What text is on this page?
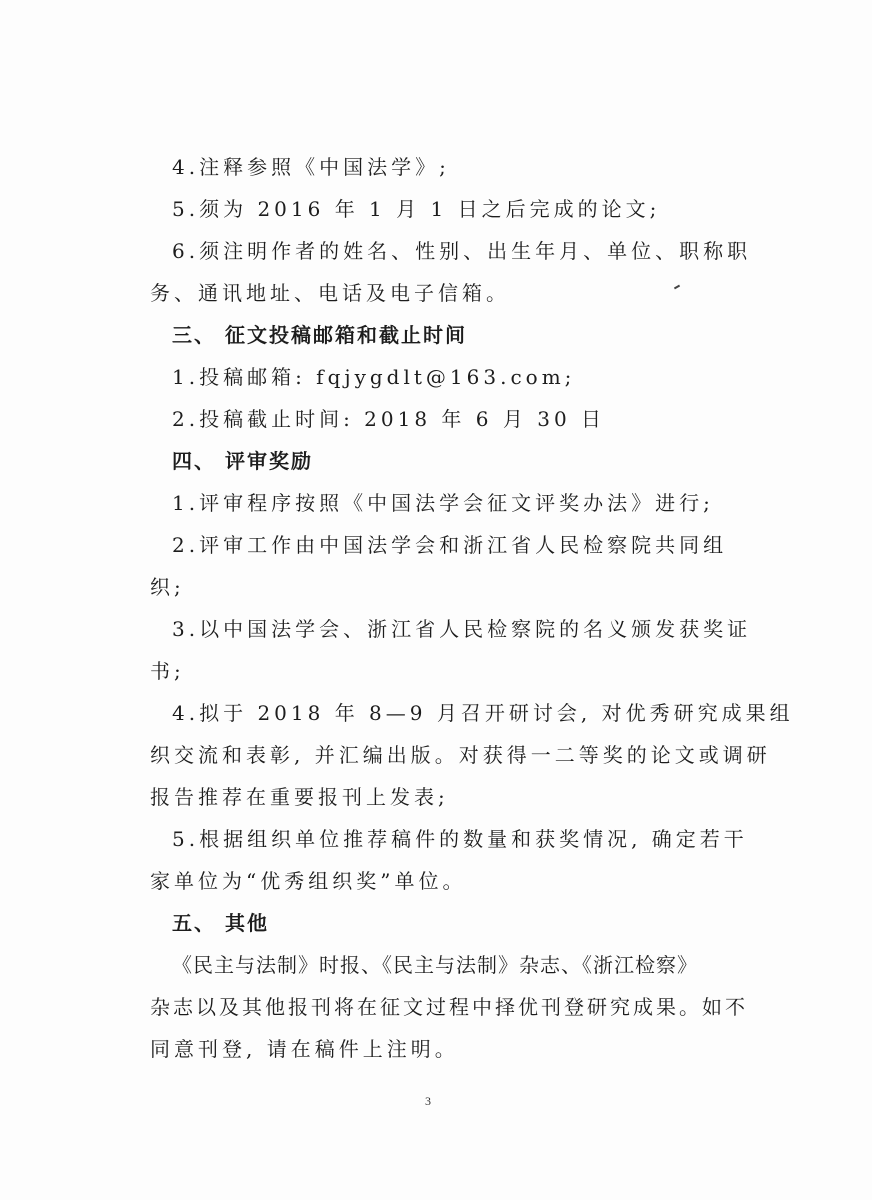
4.注释参照《中国法学》;
5.须为 2016 年 1 月 1 日之后完成的论文;
6.须注明作者的姓名、性别、出生年月、单位、职称职
务、通讯地址、电话及电子信箱。
三、 征文投稿邮箱和截止时间
1.投稿邮箱: fqjygdlt@163.com;
2.投稿截止时间: 2018 年 6 月 30 日
四、 评审奖励
1.评审程序按照《中国法学会征文评奖办法》进行;
2.评审工作由中国法学会和浙江省人民检察院共同组
织;
3.以中国法学会、浙江省人民检察院的名义颁发获奖证
书;
4.拟于 2018 年 8—9 月召开研讨会, 对优秀研究成果组
织交流和表彰, 并汇编出版。对获得一二等奖的论文或调研
报告推荐在重要报刊上发表;
5.根据组织单位推荐稿件的数量和获奖情况, 确定若干
家单位为“优秀组织奖”单位。
五、 其他
《民主与法制》时报、《民主与法制》杂志、《浙江检察》
杂志以及其他报刊将在征文过程中择优刊登研究成果。如不
同意刊登, 请在稿件上注明。
3
